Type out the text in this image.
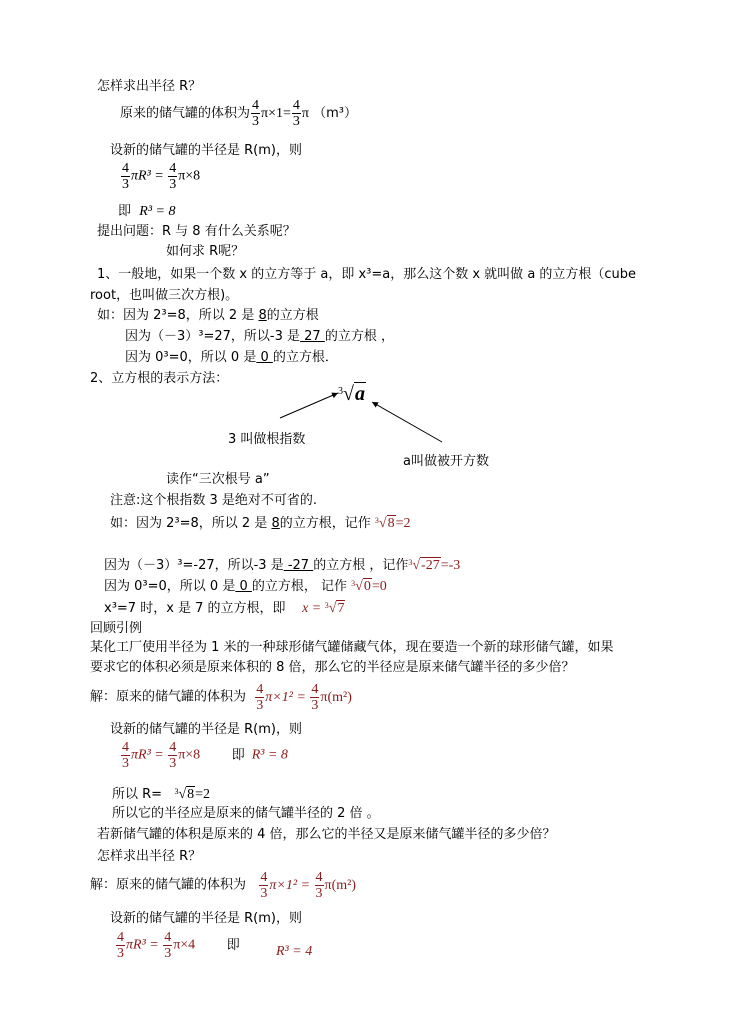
怎样求出半径 R？
原来的储气罐的体积为 $\frac{4}{3} \pi\times 1= \frac{4}{3}$ π （m³）
设新的储气罐的半径是 R(m)，则
$\frac{4}{3} \pi R^3 = \frac{4}{3} \pi\times 8$
即 R³ = 8
提出问题：R 与 8 有什么关系呢？
如何求 R呢？
1、一般地，如果一个数 x 的立方等于 a，即 x³=a，那么这个数 x 就叫做 a 的立方根（cube
root，也叫做三次方根)。
如：因为 2³=8，所以 2 是 8的立方根
因为（－3）³=27，所以-3 是 27 的立方根 ，
因为 0³=0，所以 0 是 0 的立方根．
2、立方根的表示方法：
$^3$√a
3 叫做根指数
a叫做被开方数
读作“三次根号 a”
注意:这个根指数 3 是绝对不可省的.
如：因为 2³=8，所以 2 是 8的立方根，记作 $^3$√8=2
因为（－3）³=-27，所以-3 是 -27 的立方根 ，记作$^3$√-27=-3
因为 0³=0，所以 0 是 0 的立方根， 记作 $^3$√0=0
x³=7 时，x 是 7 的立方根，即 x = $^3$√7
回顾引例
某化工厂使用半径为 1 米的一种球形储气罐储藏气体，现在要造一个新的球形储气罐，如果
要求它的体积必须是原来体积的 8 倍，那么它的半径应是原来储气罐半径的多少倍？
解：原来的储气罐的体积为 $\frac{4}{3} \pi\times 1^2 = \frac{4}{3} \pi(m^2)$
设新的储气罐的半径是 R(m)，则
$\frac{4}{3} \pi R^3 = \frac{4}{3} \pi\times 8$ 即 R³ = 8
所以 R= $^3$√8=2
所以它的半径应是原来的储气罐半径的 2 倍 。
若新储气罐的体积是原来的 4 倍，那么它的半径又是原来储气罐半径的多少倍？
怎样求出半径 R？
解：原来的储气罐的体积为 $\frac{4}{3} \pi\times 1^2 = \frac{4}{3} \pi(m^2)$
设新的储气罐的半径是 R(m)，则
$\frac{4}{3} \pi R^3 = \frac{4}{3} \pi\times 4$ 即	R³ = 4
